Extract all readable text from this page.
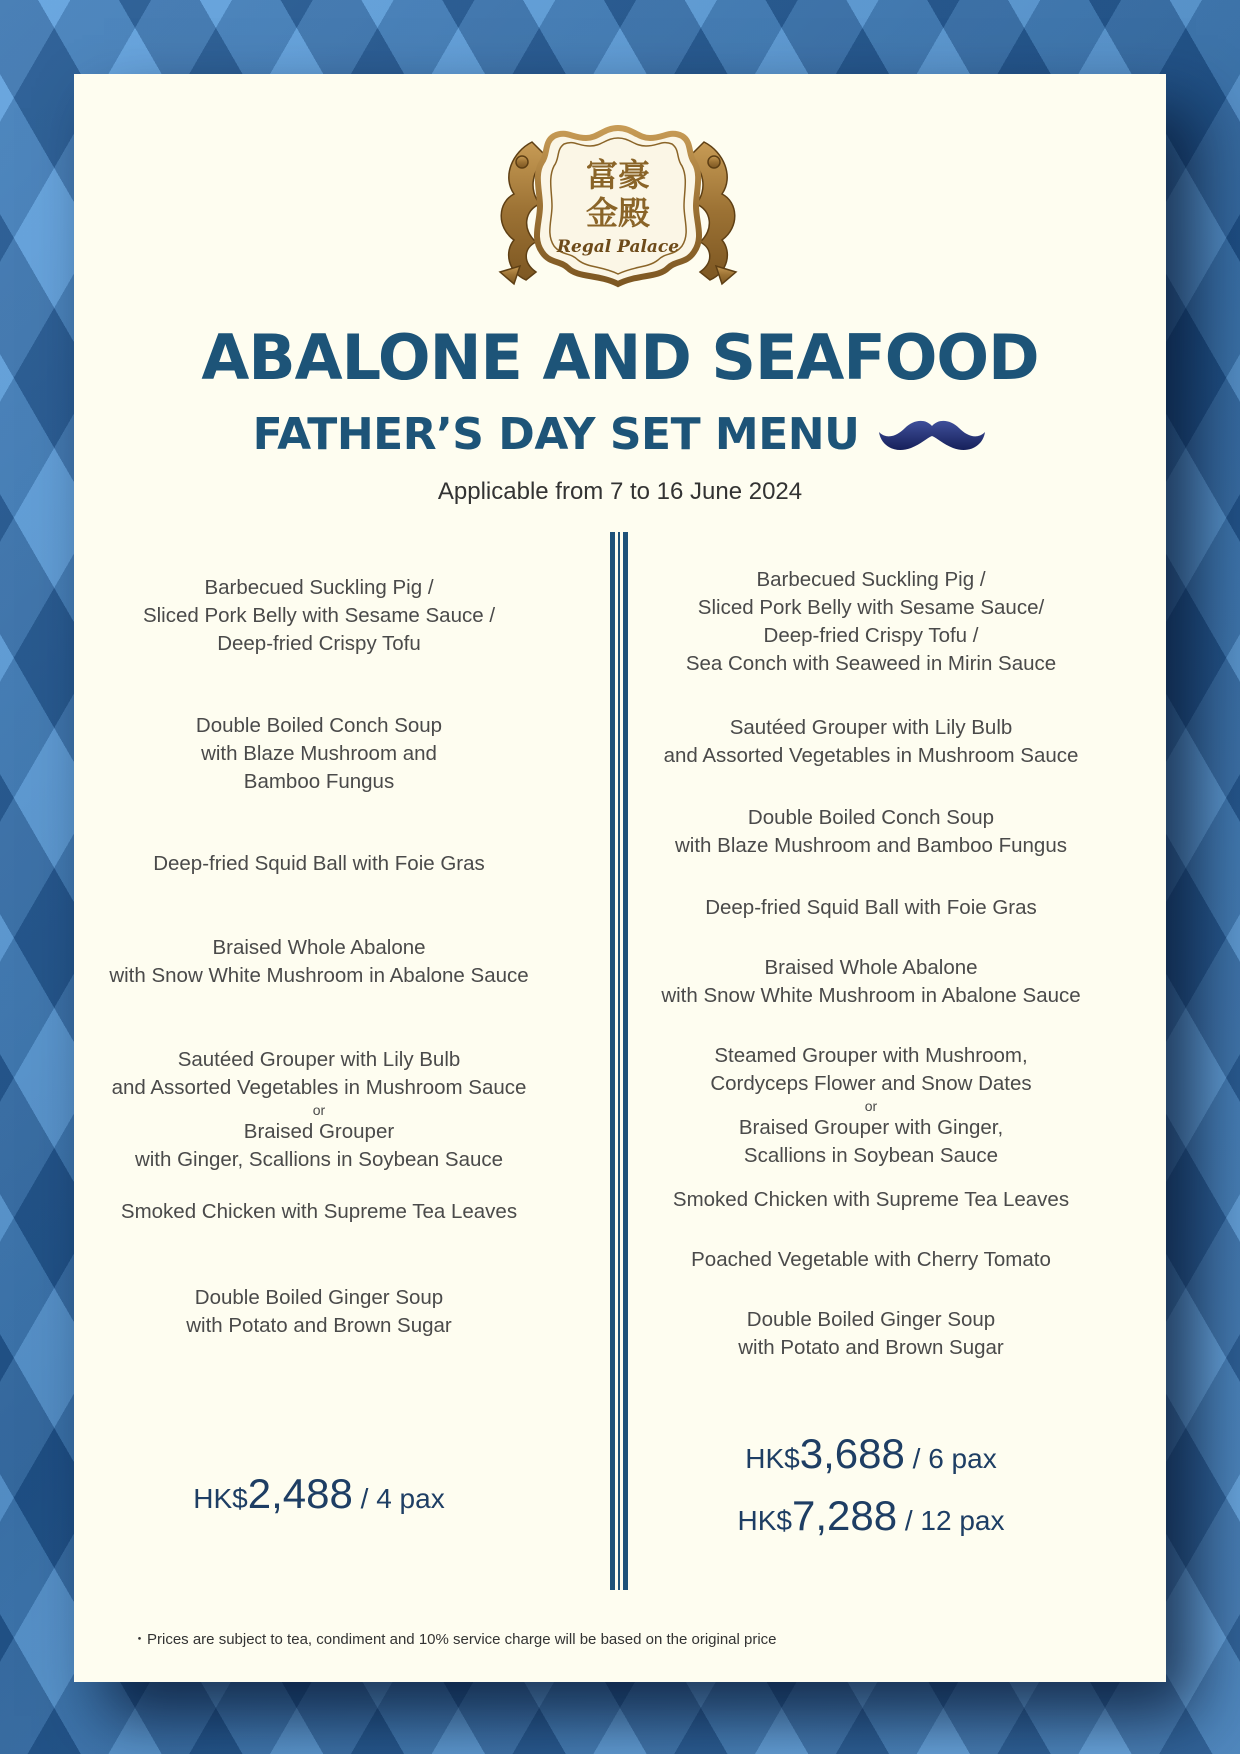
富豪
金殿
Regal Palace
ABALONE AND SEAFOOD
FATHER’S DAY SET MENU
Applicable from 7 to 16 June 2024
Barbecued Suckling Pig /
Sliced Pork Belly with Sesame Sauce /
Deep-fried Crispy Tofu
Double Boiled Conch Soup
with Blaze Mushroom and
Bamboo Fungus
Deep-fried Squid Ball with Foie Gras
Braised Whole Abalone
with Snow White Mushroom in Abalone Sauce
Sautéed Grouper with Lily Bulb
and Assorted Vegetables in Mushroom Sauce
or
Braised Grouper
with Ginger, Scallions in Soybean Sauce
Smoked Chicken with Supreme Tea Leaves
Double Boiled Ginger Soup
with Potato and Brown Sugar
HK$2,488 / 4 pax
Barbecued Suckling Pig /
Sliced Pork Belly with Sesame Sauce/
Deep-fried Crispy Tofu /
Sea Conch with Seaweed in Mirin Sauce
Sautéed Grouper with Lily Bulb
and Assorted Vegetables in Mushroom Sauce
Double Boiled Conch Soup
with Blaze Mushroom and Bamboo Fungus
Deep-fried Squid Ball with Foie Gras
Braised Whole Abalone
with Snow White Mushroom in Abalone Sauce
Steamed Grouper with Mushroom,
Cordyceps Flower and Snow Dates
or
Braised Grouper with Ginger,
Scallions in Soybean Sauce
Smoked Chicken with Supreme Tea Leaves
Poached Vegetable with Cherry Tomato
Double Boiled Ginger Soup
with Potato and Brown Sugar
HK$3,688 / 6 pax
HK$7,288 / 12 pax
・Prices are subject to tea, condiment and 10% service charge will be based on the original price
